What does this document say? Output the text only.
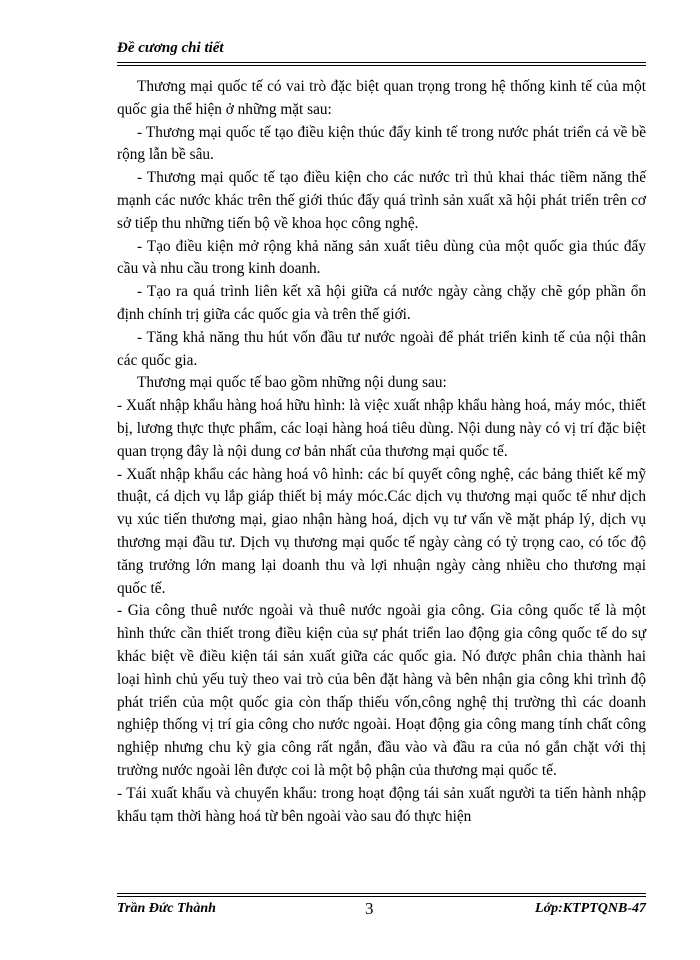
Đề cương chi tiết

Thương mại quốc tế có vai trò đặc biệt quan trọng trong hệ thống kinh tế của một quốc gia thể hiện ở những mặt sau:

- Thương mại quốc tế tạo điều kiện thúc đẩy kinh tế trong nước phát triển cả về bề rộng lẫn bề sâu.

- Thương mại quốc tế tạo điều kiện cho các nước trì thủ khai thác tiềm năng thế mạnh các nước khác trên thế giới thúc đẩy quá trình sản xuất xã hội phát triển trên cơ sở tiếp thu những tiến bộ về khoa học công nghệ.

- Tạo điều kiện mở rộng khả năng sản xuất tiêu dùng của một quốc gia thúc đẩy cầu và nhu cầu trong kinh doanh.

- Tạo ra quá trình liên kết xã hội giữa cá nước ngày càng chặy chẽ góp phần ổn định chính trị giữa các quốc gia và trên thế giới.

- Tăng khả năng thu hút vốn đầu tư nước ngoài để phát triển kinh tế của nội thân các quốc gia.

Thương mại quốc tế bao gồm những nội dung sau:

- Xuất nhập khẩu hàng hoá hữu hình: là việc xuất nhập khẩu hàng hoá, máy móc, thiết bị, lương thực thực phẩm, các loại hàng hoá tiêu dùng. Nội dung này có vị trí đặc biệt quan trọng đây là nội dung cơ bản nhất của thương mại quốc tế.

- Xuất nhập khẩu các hàng hoá vô hình: các bí quyết công nghệ, các bảng thiết kế mỹ thuật, cá dịch vụ lắp giáp thiết bị máy móc.Các dịch vụ thương mại quốc tế như dịch vụ xúc tiến thương mại, giao nhận hàng hoá, dịch vụ tư vấn về mặt pháp lý, dịch vụ thương mại đầu tư. Dịch vụ thương mại quốc tế ngày càng có tỷ trọng cao, có tốc độ tăng trưởng lớn mang lại doanh thu và lợi nhuận ngày càng nhiều cho thương mại quốc tế.

- Gia công thuê nước ngoài và thuê nước ngoài gia công. Gia công quốc tế là một hình thức cần thiết trong điều kiện của sự phát triển lao động gia công quốc tế do sự khác biệt về điều kiện tái sản xuất giữa các quốc gia. Nó được phân chia thành hai loại hình chủ yếu tuỳ theo vai trò của bên đặt hàng và bên nhận gia công khi trình độ phát triển của một quốc gia còn thấp thiếu vốn,công nghệ thị trường thì các doanh nghiệp thống vị trí gia công cho nước ngoài. Hoạt động gia công mang tính chất công nghiệp nhưng chu kỳ gia công rất ngắn, đầu vào và đầu ra của nó gắn chặt với thị trường nước ngoài lên được coi là một bộ phận của thương mại quốc tế.

- Tái xuất khẩu và chuyển khẩu: trong hoạt động tái sản xuất người ta tiến hành nhập khẩu tạm thời hàng hoá từ bên ngoài vào sau đó thực hiện

Trần Đức Thành	3	Lớp:KTPTQNB-47
